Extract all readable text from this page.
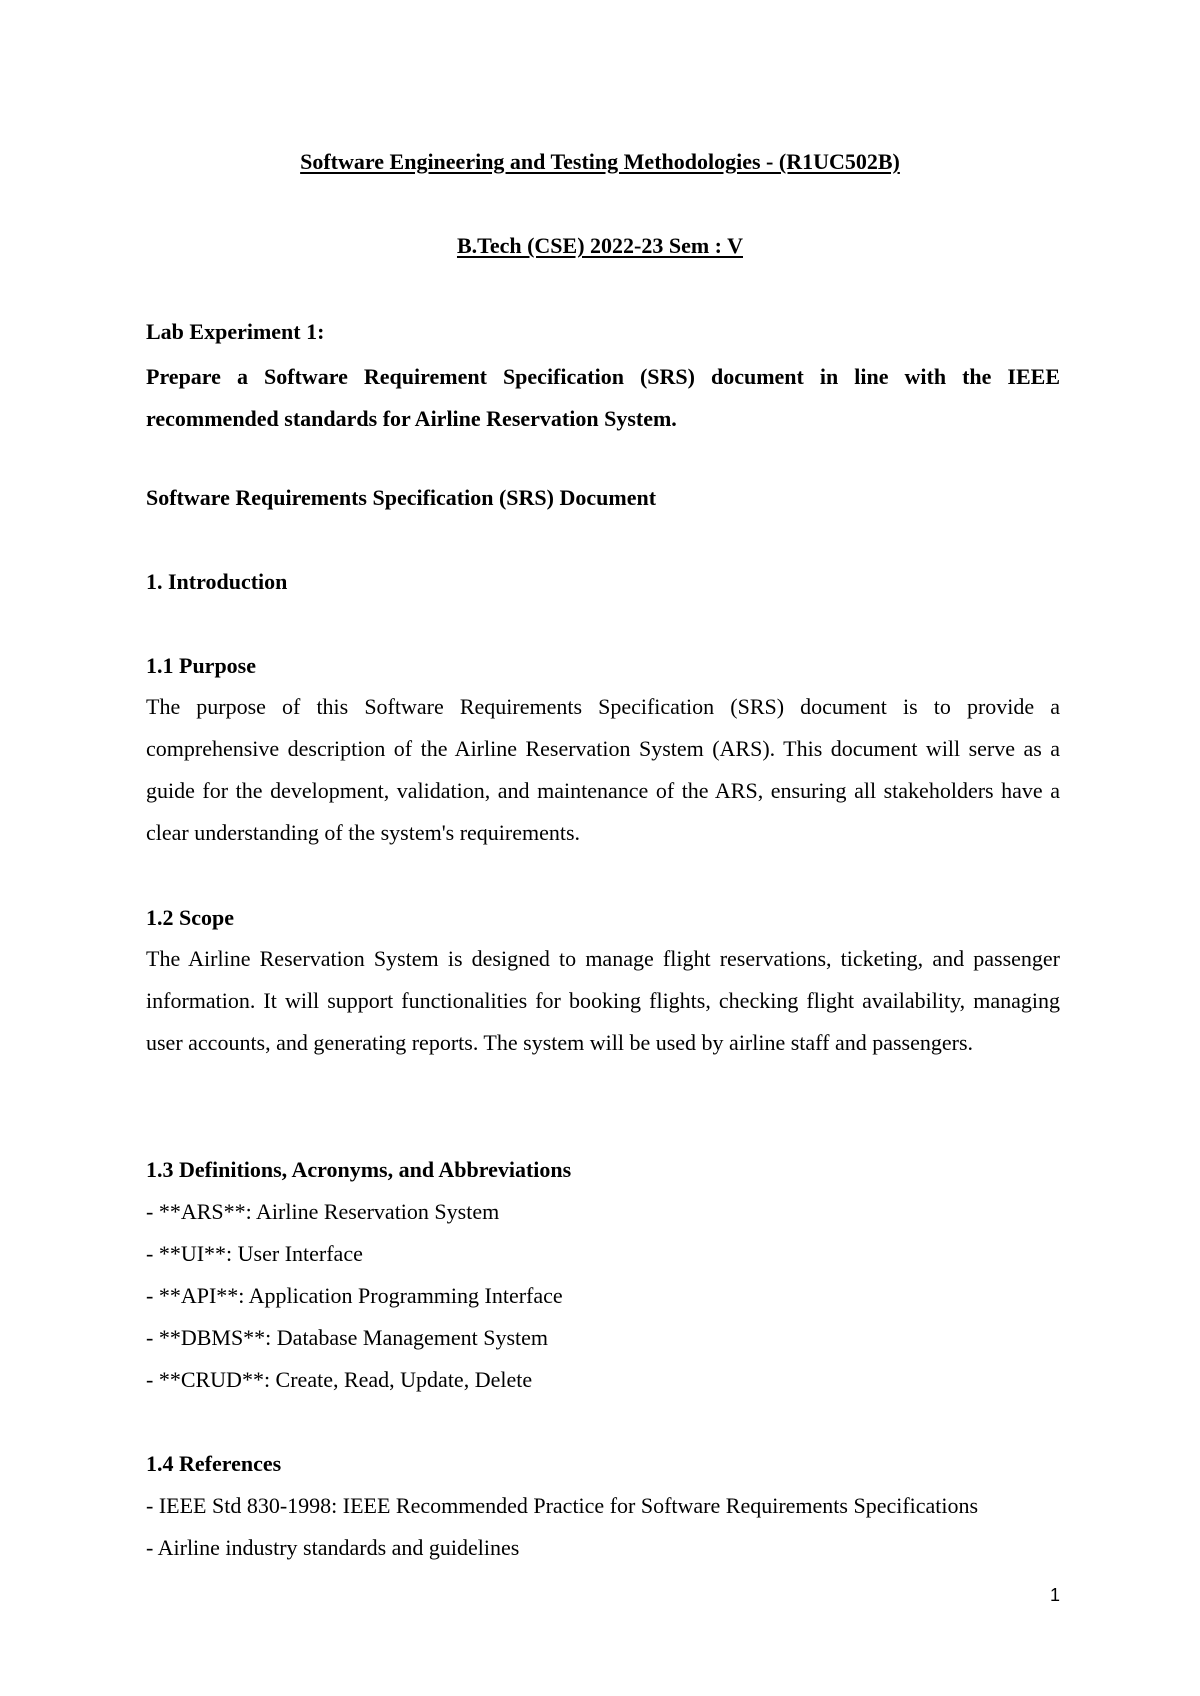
Software Engineering and Testing Methodologies - (R1UC502B)
B.Tech (CSE) 2022-23 Sem : V
Lab Experiment 1:
Prepare a Software Requirement Specification (SRS) document in line with the IEEE recommended standards for Airline Reservation System.
Software Requirements Specification (SRS) Document
1. Introduction
1.1 Purpose
The purpose of this Software Requirements Specification (SRS) document is to provide a comprehensive description of the Airline Reservation System (ARS). This document will serve as a guide for the development, validation, and maintenance of the ARS, ensuring all stakeholders have a clear understanding of the system's requirements.
1.2 Scope
The Airline Reservation System is designed to manage flight reservations, ticketing, and passenger information. It will support functionalities for booking flights, checking flight availability, managing user accounts, and generating reports. The system will be used by airline staff and passengers.
1.3 Definitions, Acronyms, and Abbreviations
- **ARS**: Airline Reservation System
- **UI**: User Interface
- **API**: Application Programming Interface
- **DBMS**: Database Management System
- **CRUD**: Create, Read, Update, Delete
1.4 References
- IEEE Std 830-1998: IEEE Recommended Practice for Software Requirements Specifications
- Airline industry standards and guidelines
1
